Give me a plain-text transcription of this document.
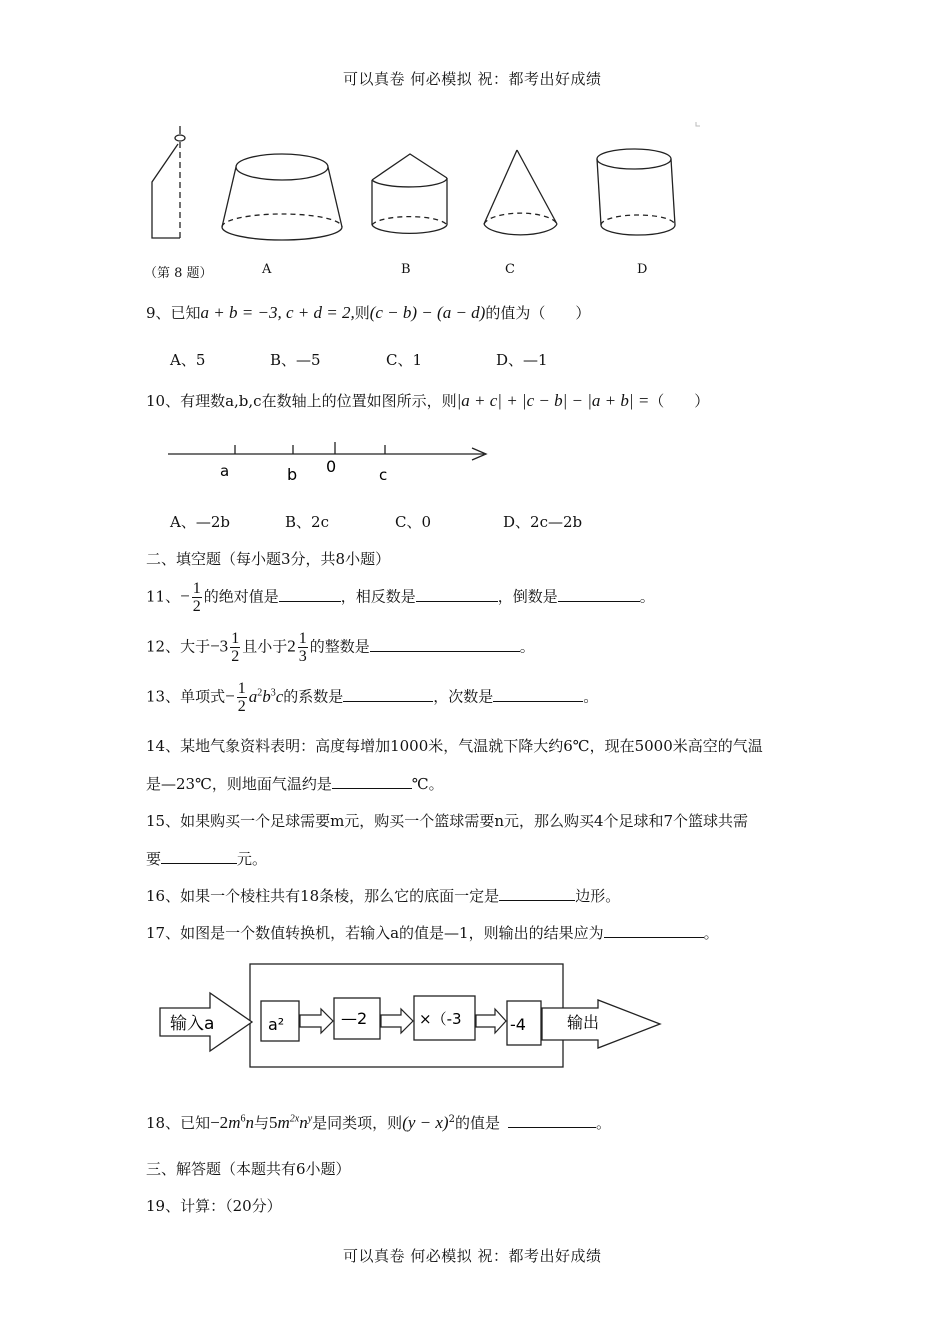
可以真卷 何必模拟 祝：都考出好成绩
（第 8 题）	A	B	C	D
9、已知a + b = −3, c + d = 2,则(c − b) − (a − d)的值为（　　）
A、5	B、—5	C、1	D、—1
10、有理数a,b,c在数轴上的位置如图所示，则|a + c| + |c − b| − |a + b| =（　　）
a	b 0	c
A、—2b	B、2c	C、0	D、2c—2b
二、填空题（每小题3分，共8小题）
11、− $\frac{1}{2}$ 的绝对值是	，相反数是	，倒数是	。
12、大于$-3 \frac{1}{2}$ 且小于$2 \frac{1}{3}$ 的整数是	。
13、单项式− $\frac{1}{2} a^2b^3c$的系数是	，次数是	。
14、某地气象资料表明：高度每增加1000米，气温就下降大约6℃，现在5000米高空的气温
是—23℃，则地面气温约是	℃。
15、如果购买一个足球需要m元，购买一个篮球需要n元，那么购买4个足球和7个篮球共需
要	元。
16、如果一个棱柱共有18条棱，那么它的底面一定是	边形。
17、如图是一个数值转换机，若输入a的值是—1，则输出的结果应为	。
输入a	a²	—2	×（-3	-4	输出
18、已知$-2m^6n$与$5m^{2x}n^y$是同类项，则$(y - x)^2$的值是	。
三、解答题（本题共有6小题）
19、计算：（20分）
可以真卷 何必模拟 祝：都考出好成绩
